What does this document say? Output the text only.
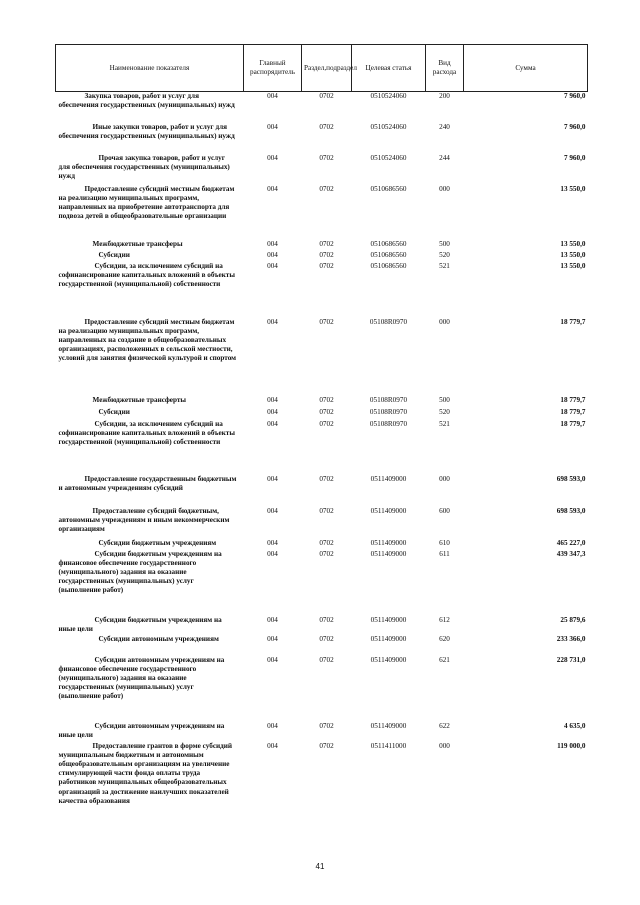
Наименование показателя	Главный распорядитель	Раздел,подраздел	Целевая статья	Вид расхода	Сумма
Закупка товаров, работ и услуг для обеспечения государственных (муниципальных) нужд	004	0702	0510524060	200	7 960,0
Иные закупки товаров, работ и услуг для обеспечения государственных (муниципальных) нужд	004	0702	0510524060	240	7 960,0
Прочая закупка товаров, работ и услуг для обеспечения государственных (муниципальных) нужд	004	0702	0510524060	244	7 960,0
Предоставление субсидий местным бюджетам на реализацию муниципальных программ, направленных на приобретение автотранспорта для подвоза детей в общеобразовательные организации	004	0702	0510686560	000	13 550,0
Межбюджетные трансферы	004	0702	0510686560	500	13 550,0
Субсидии	004	0702	0510686560	520	13 550,0
Субсидии, за исключением субсидий на софинансирование капитальных вложений в объекты государственной (муниципальной) собственности	004	0702	0510686560	521	13 550,0
Предоставление субсидий местным бюджетам на реализацию муниципальных программ, направленных на создание в общеобразовательных организациях, расположенных в сельской местности, условий для занятия физической культурой и спортом	004	0702	05108R0970	000	18 779,7
Межбюджетные трансферты	004	0702	05108R0970	500	18 779,7
Субсидии	004	0702	05108R0970	520	18 779,7
Субсидии, за исключением субсидий на софинансирование капитальных вложений в объекты государственной (муниципальной) собственности	004	0702	05108R0970	521	18 779,7
Предоставление государственным бюджетным и автономным учреждениям субсидий	004	0702	0511409000	000	698 593,0
Предоставление субсидий бюджетным, автономным учреждениям и иным некоммерческим организациям	004	0702	0511409000	600	698 593,0
Субсидии бюджетным учреждениям	004	0702	0511409000	610	465 227,0
Субсидии бюджетным учреждениям на финансовое обеспечение государственного (муниципального) задания на оказание государственных (муниципальных) услуг (выполнение работ)	004	0702	0511409000	611	439 347,3
Субсидии бюджетным учреждениям на иные цели	004	0702	0511409000	612	25 879,6
Субсидии автономным учреждениям	004	0702	0511409000	620	233 366,0
Субсидии автономным учреждениям на финансовое обеспечение государственного (муниципального) задания на оказание государственных (муниципальных) услуг (выполнение работ)	004	0702	0511409000	621	228 731,0
Субсидии автономным учреждениям на иные цели	004	0702	0511409000	622	4 635,0
Предоставление грантов в форме субсидий муниципальным бюджетным и автономным общеобразовательным организациям на увеличение стимулирующей части фонда оплаты труда работников муниципальных общеобразовательных организаций за достижение наилучших показателей качества образования	004	0702	0511411000	000	119 000,0
41
